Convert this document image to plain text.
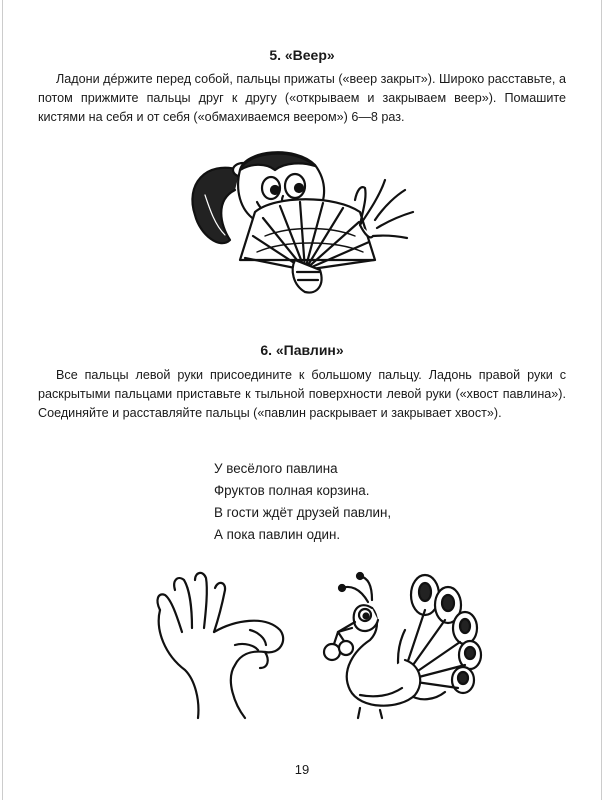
5. «Веер»

Ладони дéржите перед собой, пальцы прижаты («веер закрыт»). Широко расставьте, а потом прижмите пальцы друг к другу («открываем и закрываем веер»). Помашите кистями на себя и от себя («обмахиваемся веером») 6—8 раз.

6. «Павлин»

Все пальцы левой руки присоедините к большому пальцу. Ладонь правой руки с раскрытыми пальцами приставьте к тыльной поверхности левой руки («хвост павлина»). Соединяйте и расставляйте пальцы («павлин раскрывает и закрывает хвост»).

У весёлого павлина
Фруктов полная корзина.
В гости ждёт друзей павлин,
А пока павлин один.
19
